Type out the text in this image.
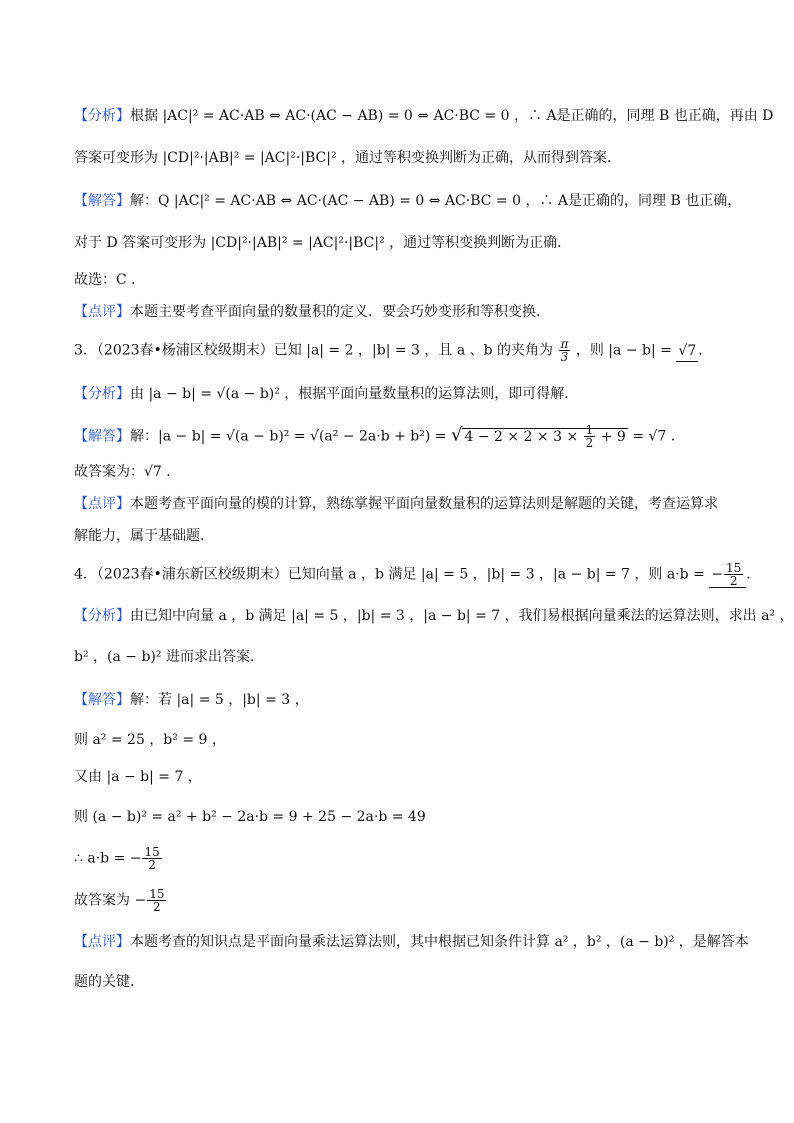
【分析】根据 |AC|² = AC·AB ⇔ AC·(AC − AB) = 0 ⇔ AC·BC = 0 ，∴ A是正确的，同理 B 也正确，再由 D
答案可变形为 |CD|²·|AB|² = |AC|²·|BC|² ，通过等积变换判断为正确，从而得到答案．
【解答】解：Q |AC|² = AC·AB ⇔ AC·(AC − AB) = 0 ⇔ AC·BC = 0 ，∴ A是正确的，同理 B 也正确，
对于 D 答案可变形为 |CD|²·|AB|² = |AC|²·|BC|² ，通过等积变换判断为正确．
故选：C ．
【点评】本题主要考查平面向量的数量积的定义．要会巧妙变形和等积变换．
3．（2023春•杨浦区校级期末）已知 |a| = 2 ，|b| = 3 ，且 a 、b 的夹角为 $\frac{\pi}{3}$ ，则 |a − b| = √7 ．
【分析】由 |a − b| = √(a − b)² ，根据平面向量数量积的运算法则，即可得解．
【解答】解：|a − b| = √(a − b)² = √(a² − 2a·b + b²) = √ $4 - 2 \times 2 \times 3 \times \frac{1}{2} + 9 = √7$ ．
故答案为：√7 ．
【点评】本题考查平面向量的模的计算，熟练掌握平面向量数量积的运算法则是解题的关键，考查运算求
解能力，属于基础题．
4．（2023春•浦东新区校级期末）已知向量 a ，b 满足 |a| = 5 ，|b| = 3 ，|a − b| = 7 ，则 a·b = − $\frac{15}{2}$ ．
【分析】由已知中向量 a ，b 满足 |a| = 5 ，|b| = 3 ，|a − b| = 7 ，我们易根据向量乘法的运算法则，求出 a² ，
b² ，(a − b)² 进而求出答案．
【解答】解：若 |a| = 5 ，|b| = 3 ，
则 a² = 25 ，b² = 9 ，
又由 |a − b| = 7 ，
则 (a − b)² = a² + b² − 2a·b = 9 + 25 − 2a·b = 49
∴ a·b = − $\frac{15}{2}$
故答案为 − $\frac{15}{2}$
【点评】本题考查的知识点是平面向量乘法运算法则，其中根据已知条件计算 a² ，b² ，(a − b)² ，是解答本
题的关键．
